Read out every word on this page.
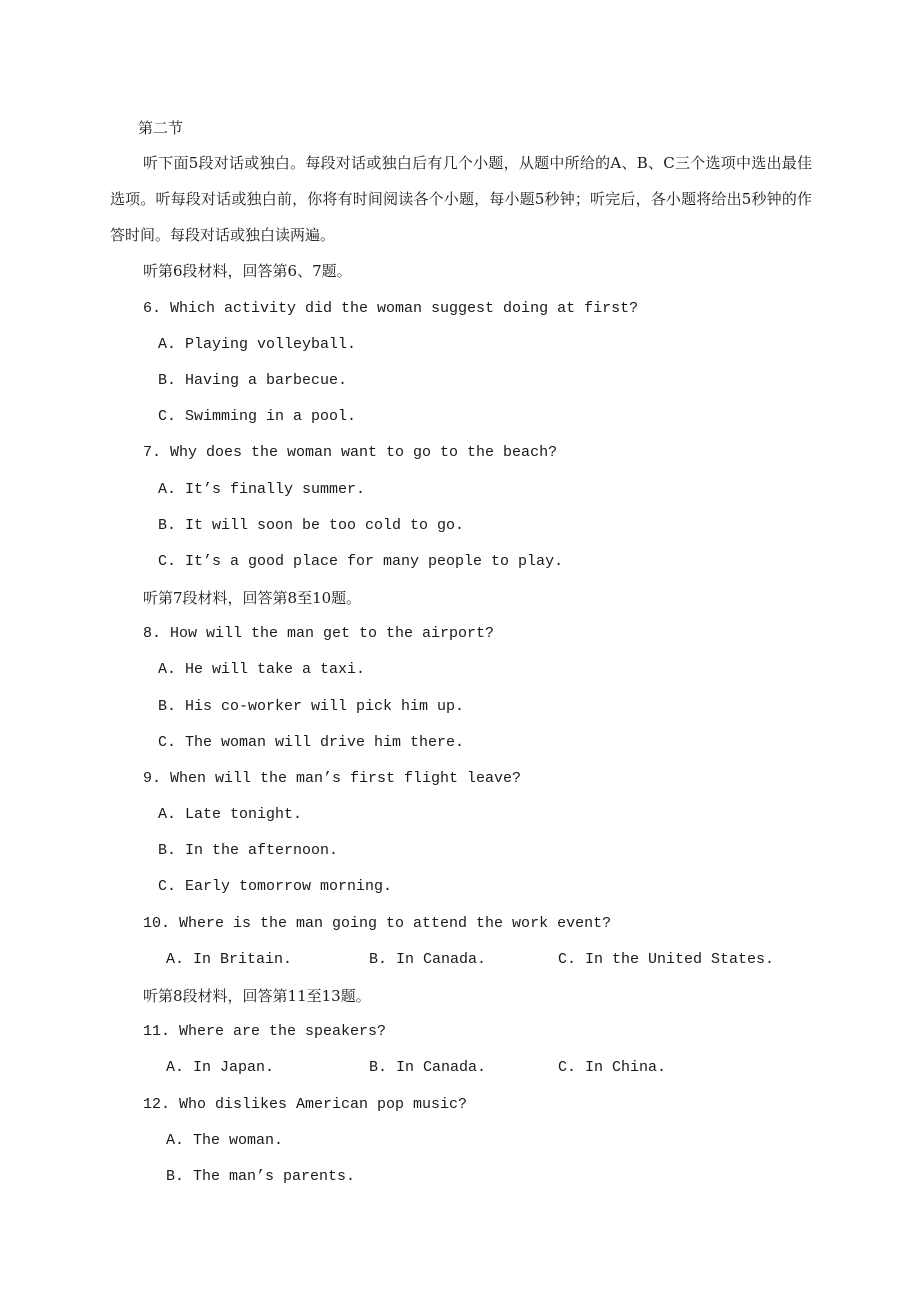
第二节
听下面5段对话或独白。每段对话或独白后有几个小题，从题中所给的A、B、C三个选项中选出最佳选项。听每段对话或独白前，你将有时间阅读各个小题，每小题5秒钟；听完后，各小题将给出5秒钟的作答时间。每段对话或独白读两遍。
听第6段材料，回答第6、7题。
6. Which activity did the woman suggest doing at first?
A. Playing volleyball.
B. Having a barbecue.
C. Swimming in a pool.
7. Why does the woman want to go to the beach?
A. It’s finally summer.
B. It will soon be too cold to go.
C. It’s a good place for many people to play.
听第7段材料，回答第8至10题。
8. How will the man get to the airport?
A. He will take a taxi.
B. His co-worker will pick him up.
C. The woman will drive him there.
9. When will the man’s first flight leave?
A. Late tonight.
B. In the afternoon.
C. Early tomorrow morning.
10. Where is the man going to attend the work event?
A. In Britain.	B. In Canada.	C. In the United States.
听第8段材料，回答第11至13题。
11. Where are the speakers?
A. In Japan.	B. In Canada.	C. In China.
12. Who dislikes American pop music?
A. The woman.
B. The man’s parents.
